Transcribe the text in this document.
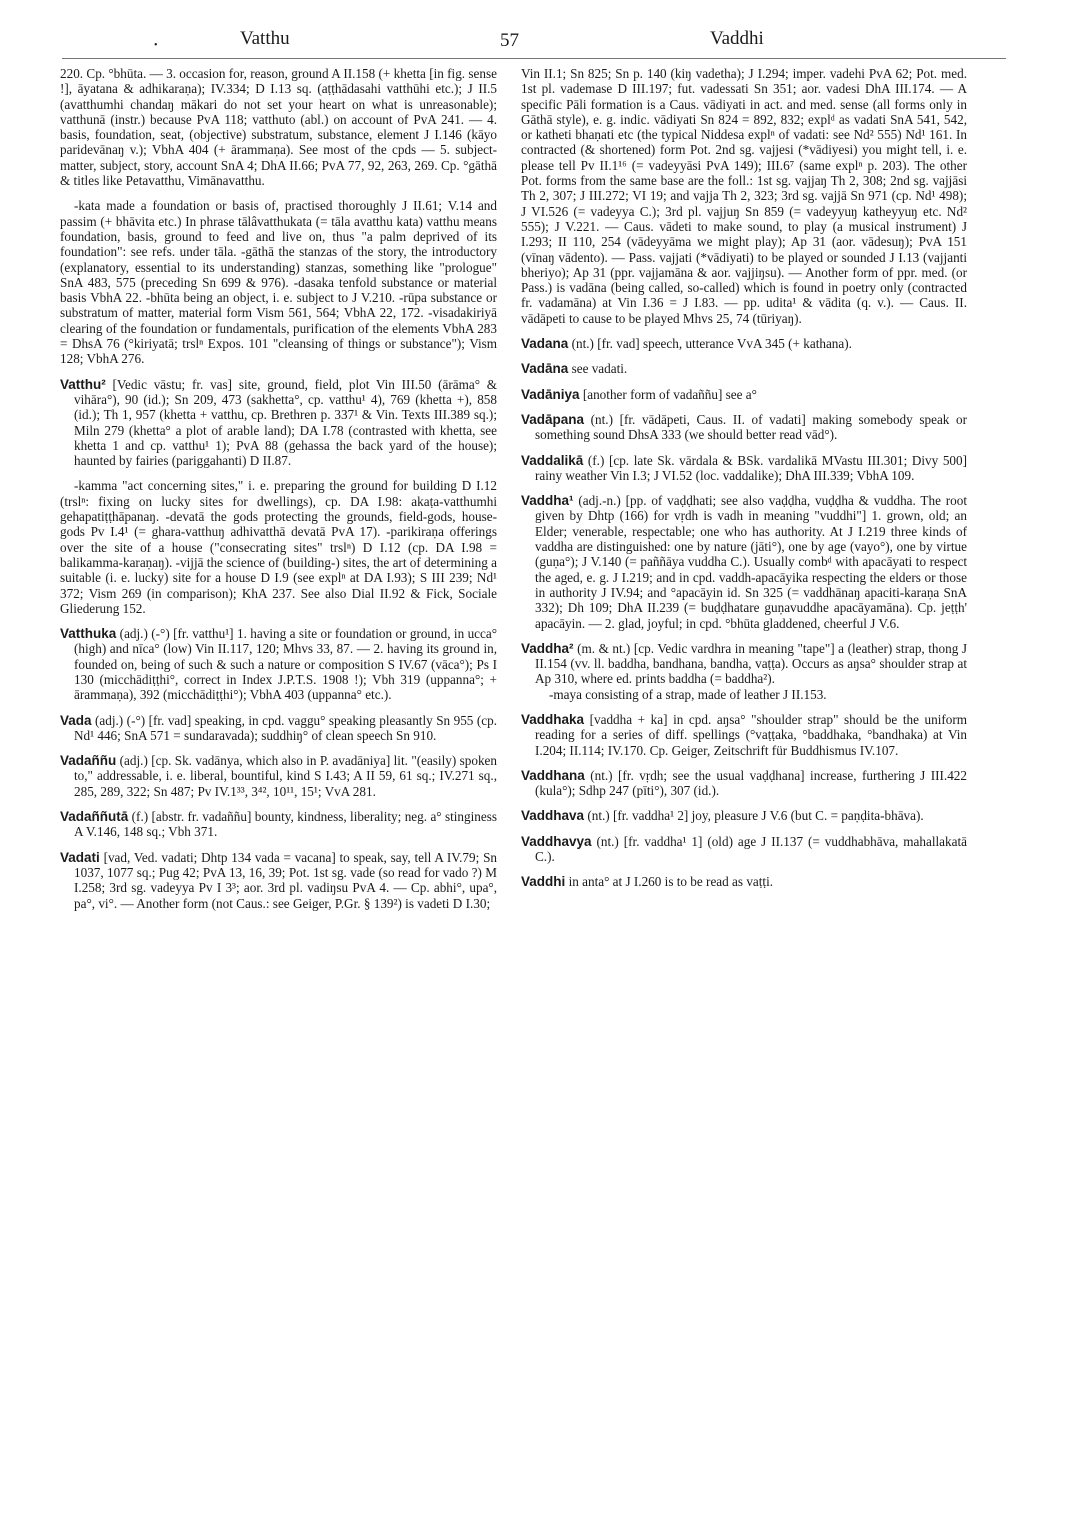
•	Vatthu	57	Vaddhi
220. Cp. °bhūta. — 3. occasion for, reason, ground A II.158 (+ khetta [in fig. sense !], āyatana & adhikaraṇa); IV.334; D I.13 sq. (aṭṭhādasahi vatthūhi etc.); J II.5 (avatthumhi chandaŋ mākari do not set your heart on what is unreasonable); vatthunā (instr.) because PvA 118; vatthuto (abl.) on account of PvA 241. — 4. basis, foundation, seat, (objective) substratum, substance, element J I.146 (kāyo paridevānaŋ v.); VbhA 404 (+ ārammaṇa). See most of the cpds — 5. subject-matter, subject, story, account SnA 4; DhA II.66; PvA 77, 92, 263, 269. Cp. °gāthā & titles like Petavatthu, Vimānavatthu.
-kata made a foundation or basis of, practised thoroughly J II.61; V.14 and passim (+ bhāvita etc.) In phrase tālâvatthukata (= tāla avatthu kata) vatthu means foundation, basis, ground to feed and live on, thus "a palm deprived of its foundation": see refs. under tāla. -gāthā the stanzas of the story, the introductory (explanatory, essential to its understanding) stanzas, something like "prologue" SnA 483, 575 (preceding Sn 699 & 976). -dasaka tenfold substance or material basis VbhA 22. -bhūta being an object, i. e. subject to J V.210. -rūpa substance or substratum of matter, material form Vism 561, 564; VbhA 22, 172. -visadakiriyā clearing of the foundation or fundamentals, purification of the elements VbhA 283 = DhsA 76 (°kiriyatā; trslⁿ Expos. 101 "cleansing of things or substance"); Vism 128; VbhA 276.
Vatthu² [Vedic vāstu; fr. vas] site, ground, field, plot Vin III.50 (ārāma° & vihāra°), 90 (id.); Sn 209, 473 (sakhetta°, cp. vatthu¹ 4), 769 (khetta +), 858 (id.); Th 1, 957 (khetta + vatthu, cp. Brethren p. 337¹ & Vin. Texts III.389 sq.); Miln 279 (khetta° a plot of arable land); DA I.78 (contrasted with khetta, see khetta 1 and cp. vatthu¹ 1); PvA 88 (gehassa the back yard of the house); haunted by fairies (pariggahanti) D II.87.
-kamma "act concerning sites," i. e. preparing the ground for building D I.12 (trslⁿ: fixing on lucky sites for dwellings), cp. DA I.98: akaṭa-vatthumhi gehapatiṭṭhāpanaŋ. -devatā the gods protecting the grounds, field-gods, house-gods Pv I.4¹ (= ghara-vatthuŋ adhivatthā devatā PvA 17). -parikiraṇa offerings over the site of a house ("consecrating sites" trslⁿ) D I.12 (cp. DA I.98 = balikamma-karaṇaŋ). -vijjā the science of (building-) sites, the art of determining a suitable (i. e. lucky) site for a house D I.9 (see explⁿ at DA I.93); S III 239; Nd¹ 372; Vism 269 (in comparison); KhA 237. See also Dial II.92 & Fick, Sociale Gliederung 152.
Vatthuka (adj.) (-°) [fr. vatthu¹] 1. having a site or foundation or ground, in ucca° (high) and nīca° (low) Vin II.117, 120; Mhvs 33, 87. — 2. having its ground in, founded on, being of such & such a nature or composition S IV.67 (vāca°); Ps I 130 (micchādiṭṭhi°, correct in Index J.P.T.S. 1908 !); Vbh 319 (uppanna°; + ārammaṇa), 392 (micchādiṭṭhi°); VbhA 403 (uppanna° etc.).
Vada (adj.) (-°) [fr. vad] speaking, in cpd. vaggu° speaking pleasantly Sn 955 (cp. Nd¹ 446; SnA 571 = sundaravada); suddhiŋ° of clean speech Sn 910.
Vadaññu (adj.) [cp. Sk. vadānya, which also in P. avadāniya] lit. "(easily) spoken to," addressable, i. e. liberal, bountiful, kind S I.43; A II 59, 61 sq.; IV.271 sq., 285, 289, 322; Sn 487; Pv IV.1³³, 3⁴², 10¹¹, 15¹; VvA 281.
Vadaññutā (f.) [abstr. fr. vadaññu] bounty, kindness, liberality; neg. a° stinginess A V.146, 148 sq.; Vbh 371.
Vadati [vad, Ved. vadati; Dhtp 134 vada = vacana] to speak, say, tell A IV.79; Sn 1037, 1077 sq.; Pug 42; PvA 13, 16, 39; Pot. 1st sg. vade (so read for vado ?) M I.258; 3rd sg. vadeyya Pv I 3³; aor. 3rd pl. vadiŋsu PvA 4. — Cp. abhi°, upa°, pa°, vi°. — Another form (not Caus.: see Geiger, P.Gr. § 139²) is vadeti D I.30;
Vin II.1; Sn 825; Sn p. 140 (kiŋ vadetha); J I.294; imper. vadehi PvA 62; Pot. med. 1st pl. vademase D III.197; fut. vadessati Sn 351; aor. vadesi DhA III.174. — A specific Pāli formation is a Caus. vādiyati in act. and med. sense (all forms only in Gāthā style), e. g. indic. vādiyati Sn 824 = 892, 832; explᵈ as vadati SnA 541, 542, or katheti bhaṇati etc (the typical Niddesa explⁿ of vadati: see Nd² 555) Nd¹ 161. In contracted (& shortened) form Pot. 2nd sg. vajjesi (*vādiyesi) you might tell, i. e. please tell Pv II.1¹⁶ (= vadeyyāsi PvA 149); III.6⁷ (same explⁿ p. 203). The other Pot. forms from the same base are the foll.: 1st sg. vajjaŋ Th 2, 308; 2nd sg. vajjāsi Th 2, 307; J III.272; VI 19; and vajja Th 2, 323; 3rd sg. vajjā Sn 971 (cp. Nd¹ 498); J VI.526 (= vadeyya C.); 3rd pl. vajjuŋ Sn 859 (= vadeyyuŋ katheyyuŋ etc. Nd² 555); J V.221. — Caus. vādeti to make sound, to play (a musical instrument) J I.293; II 110, 254 (vādeyyāma we might play); Ap 31 (aor. vādesuŋ); PvA 151 (vīnaŋ vādento). — Pass. vajjati (*vādiyati) to be played or sounded J I.13 (vajjanti bheriyo); Ap 31 (ppr. vajjamāna & aor. vajjiŋsu). — Another form of ppr. med. (or Pass.) is vadāna (being called, so-called) which is found in poetry only (contracted fr. vadamāna) at Vin I.36 = J I.83. — pp. udita¹ & vādita (q. v.). — Caus. II. vādāpeti to cause to be played Mhvs 25, 74 (tūriyaŋ).
Vadana (nt.) [fr. vad] speech, utterance VvA 345 (+ kathana).
Vadāna see vadati.
Vadāniya [another form of vadaññu] see a°
Vadāpana (nt.) [fr. vādāpeti, Caus. II. of vadati] making somebody speak or something sound DhsA 333 (we should better read vād°).
Vaddalikā (f.) [cp. late Sk. vārdala & BSk. vardalikā MVastu III.301; Divy 500] rainy weather Vin I.3; J VI.52 (loc. vaddalike); DhA III.339; VbhA 109.
Vaddha¹ (adj.-n.) [pp. of vaḍḍhati; see also vaḍḍha, vuḍḍha & vuddha. The root given by Dhtp (166) for vṛdh is vadh in meaning "vuddhi"] 1. grown, old; an Elder; venerable, respectable; one who has authority. At J I.219 three kinds of vaddha are distinguished: one by nature (jāti°), one by age (vayo°), one by virtue (guṇa°); J V.140 (= paññāya vuddha C.). Usually combᵈ with apacāyati to respect the aged, e. g. J I.219; and in cpd. vaddh-apacāyika respecting the elders or those in authority J IV.94; and °apacāyin id. Sn 325 (= vaddhānaŋ apaciti-karaṇa SnA 332); Dh 109; DhA II.239 (= buḍḍhatare guṇavuddhe apacāyamāna). Cp. jeṭṭh' apacāyin. — 2. glad, joyful; in cpd. °bhūta gladdened, cheerful J V.6.
Vaddha² (m. & nt.) [cp. Vedic vardhra in meaning "tape"] a (leather) strap, thong J II.154 (vv. ll. baddha, bandhana, bandha, vaṭṭa). Occurs as aŋsa° shoulder strap at Ap 310, where ed. prints baddha (= baddha²).
-maya consisting of a strap, made of leather J II.153.
Vaddhaka [vaddha + ka] in cpd. aŋsa° "shoulder strap" should be the uniform reading for a series of diff. spellings (°vaṭṭaka, °baddhaka, °bandhaka) at Vin I.204; II.114; IV.170. Cp. Geiger, Zeitschrift für Buddhismus IV.107.
Vaddhana (nt.) [fr. vṛdh; see the usual vaḍḍhana] increase, furthering J III.422 (kula°); Sdhp 247 (pīti°), 307 (id.).
Vaddhava (nt.) [fr. vaddha¹ 2] joy, pleasure J V.6 (but C. = paṇḍita-bhāva).
Vaddhavya (nt.) [fr. vaddha¹ 1] (old) age J II.137 (= vuddhabhāva, mahallakatā C.).
Vaddhi in anta° at J I.260 is to be read as vaṭṭi.
